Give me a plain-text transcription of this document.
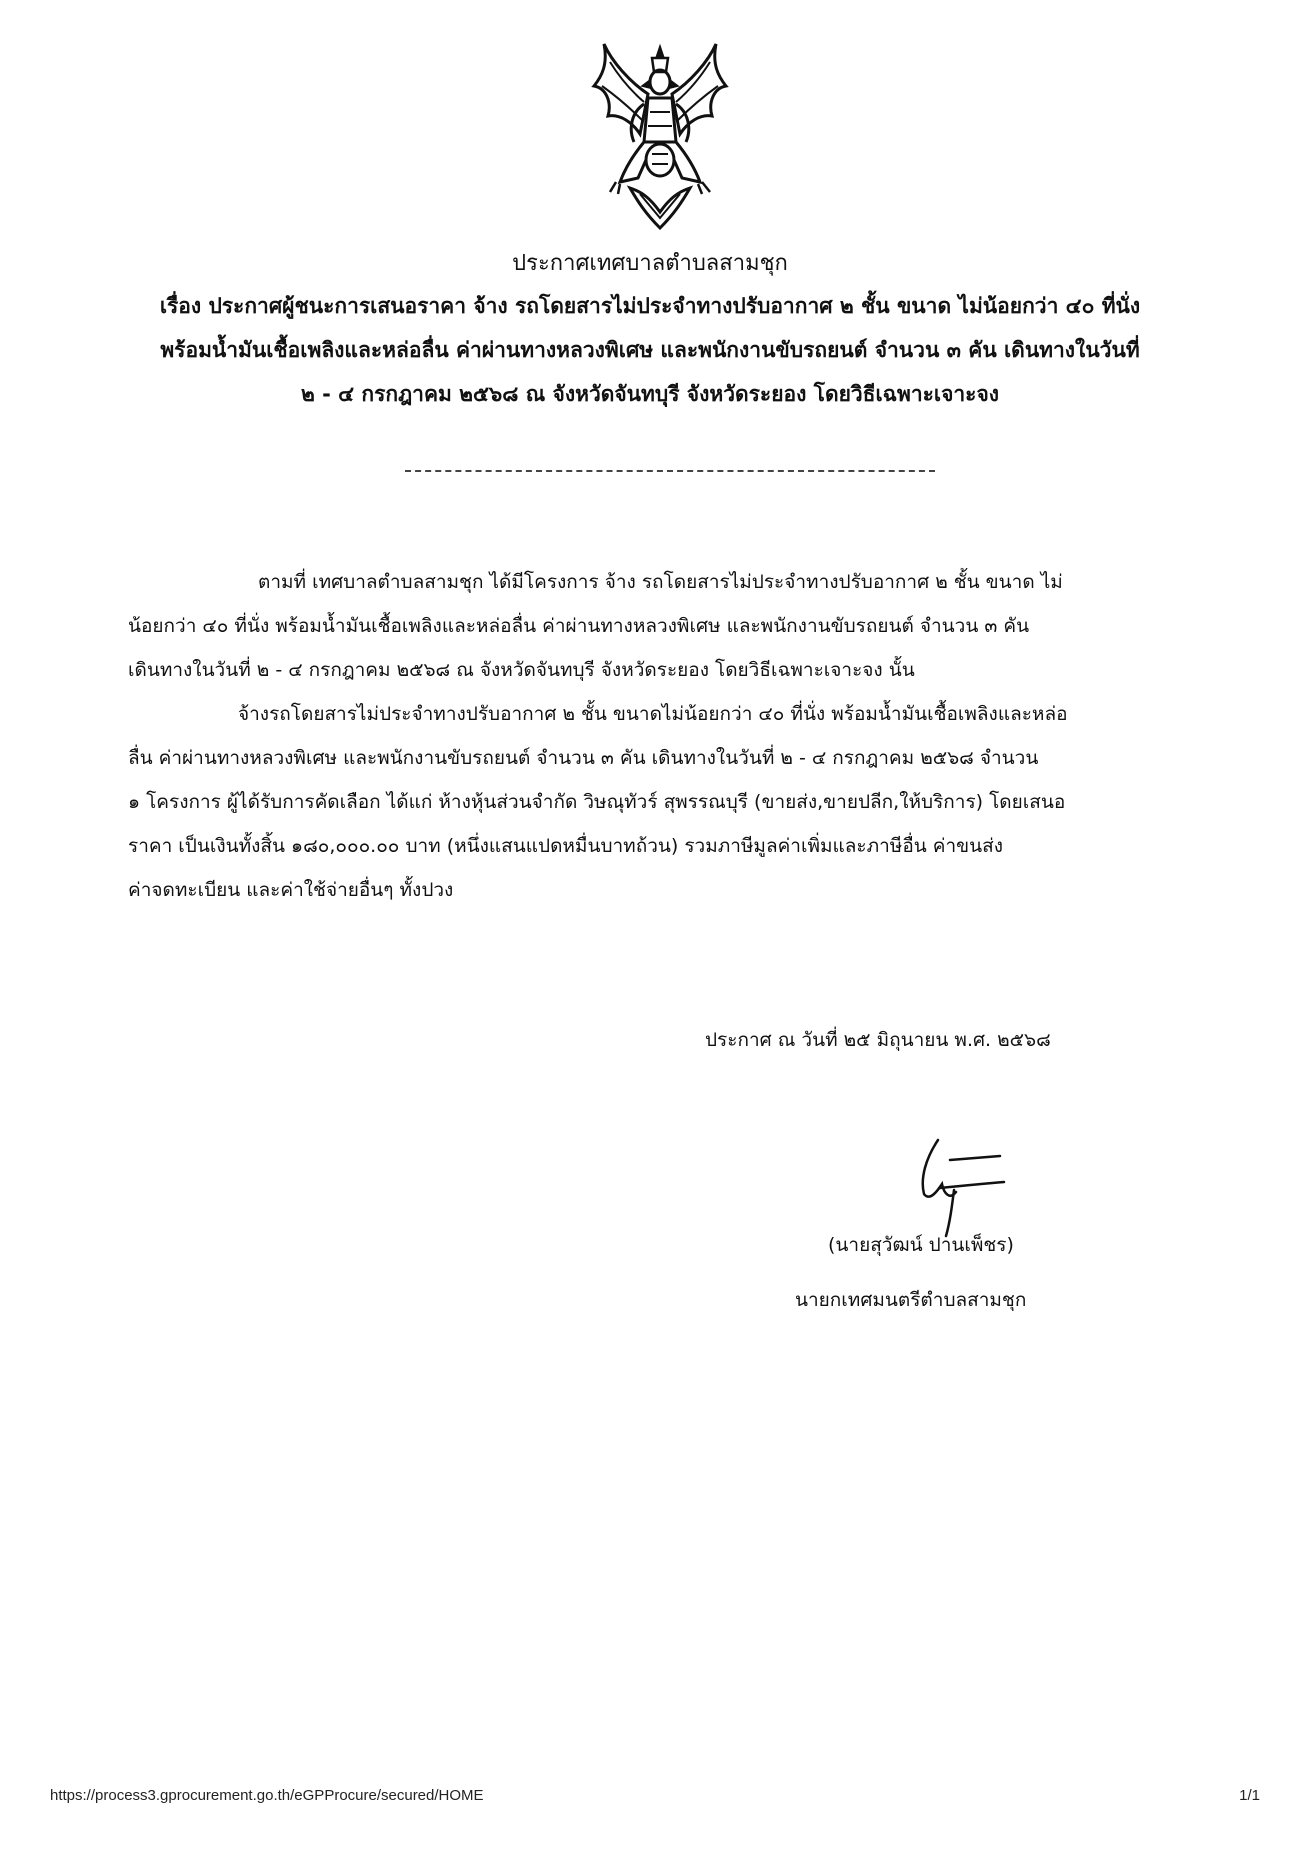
ประกาศเทศบาลตำบลสามชุก
เรื่อง ประกาศผู้ชนะการเสนอราคา จ้าง รถโดยสารไม่ประจำทางปรับอากาศ ๒ ชั้น ขนาด ไม่น้อยกว่า ๔๐ ที่นั่ง
พร้อมน้ำมันเชื้อเพลิงและหล่อลื่น ค่าผ่านทางหลวงพิเศษ และพนักงานขับรถยนต์ จำนวน ๓ คัน เดินทางในวันที่
๒ - ๔ กรกฎาคม ๒๕๖๘ ณ จังหวัดจันทบุรี จังหวัดระยอง โดยวิธีเฉพาะเจาะจง
ตามที่ เทศบาลตำบลสามชุก ได้มีโครงการ จ้าง รถโดยสารไม่ประจำทางปรับอากาศ ๒ ชั้น ขนาด ไม่
น้อยกว่า ๔๐ ที่นั่ง พร้อมน้ำมันเชื้อเพลิงและหล่อลื่น ค่าผ่านทางหลวงพิเศษ และพนักงานขับรถยนต์ จำนวน ๓ คัน
เดินทางในวันที่ ๒ - ๔ กรกฎาคม ๒๕๖๘ ณ จังหวัดจันทบุรี จังหวัดระยอง โดยวิธีเฉพาะเจาะจง นั้น
จ้างรถโดยสารไม่ประจำทางปรับอากาศ ๒ ชั้น ขนาดไม่น้อยกว่า ๔๐ ที่นั่ง พร้อมน้ำมันเชื้อเพลิงและหล่อ
ลื่น ค่าผ่านทางหลวงพิเศษ และพนักงานขับรถยนต์ จำนวน ๓ คัน เดินทางในวันที่ ๒ - ๔ กรกฎาคม ๒๕๖๘ จำนวน
๑ โครงการ ผู้ได้รับการคัดเลือก ได้แก่ ห้างหุ้นส่วนจำกัด วิษณุทัวร์ สุพรรณบุรี (ขายส่ง,ขายปลีก,ให้บริการ) โดยเสนอ
ราคา เป็นเงินทั้งสิ้น ๑๘๐,๐๐๐.๐๐ บาท (หนึ่งแสนแปดหมื่นบาทถ้วน) รวมภาษีมูลค่าเพิ่มและภาษีอื่น ค่าขนส่ง
ค่าจดทะเบียน และค่าใช้จ่ายอื่นๆ ทั้งปวง
ประกาศ ณ วันที่ ๒๕ มิถุนายน พ.ศ. ๒๕๖๘
(นายสุวัฒน์ ปานเพ็ชร)
นายกเทศมนตรีตำบลสามชุก
https://process3.gprocurement.go.th/eGPProcure/secured/HOME	1/1
